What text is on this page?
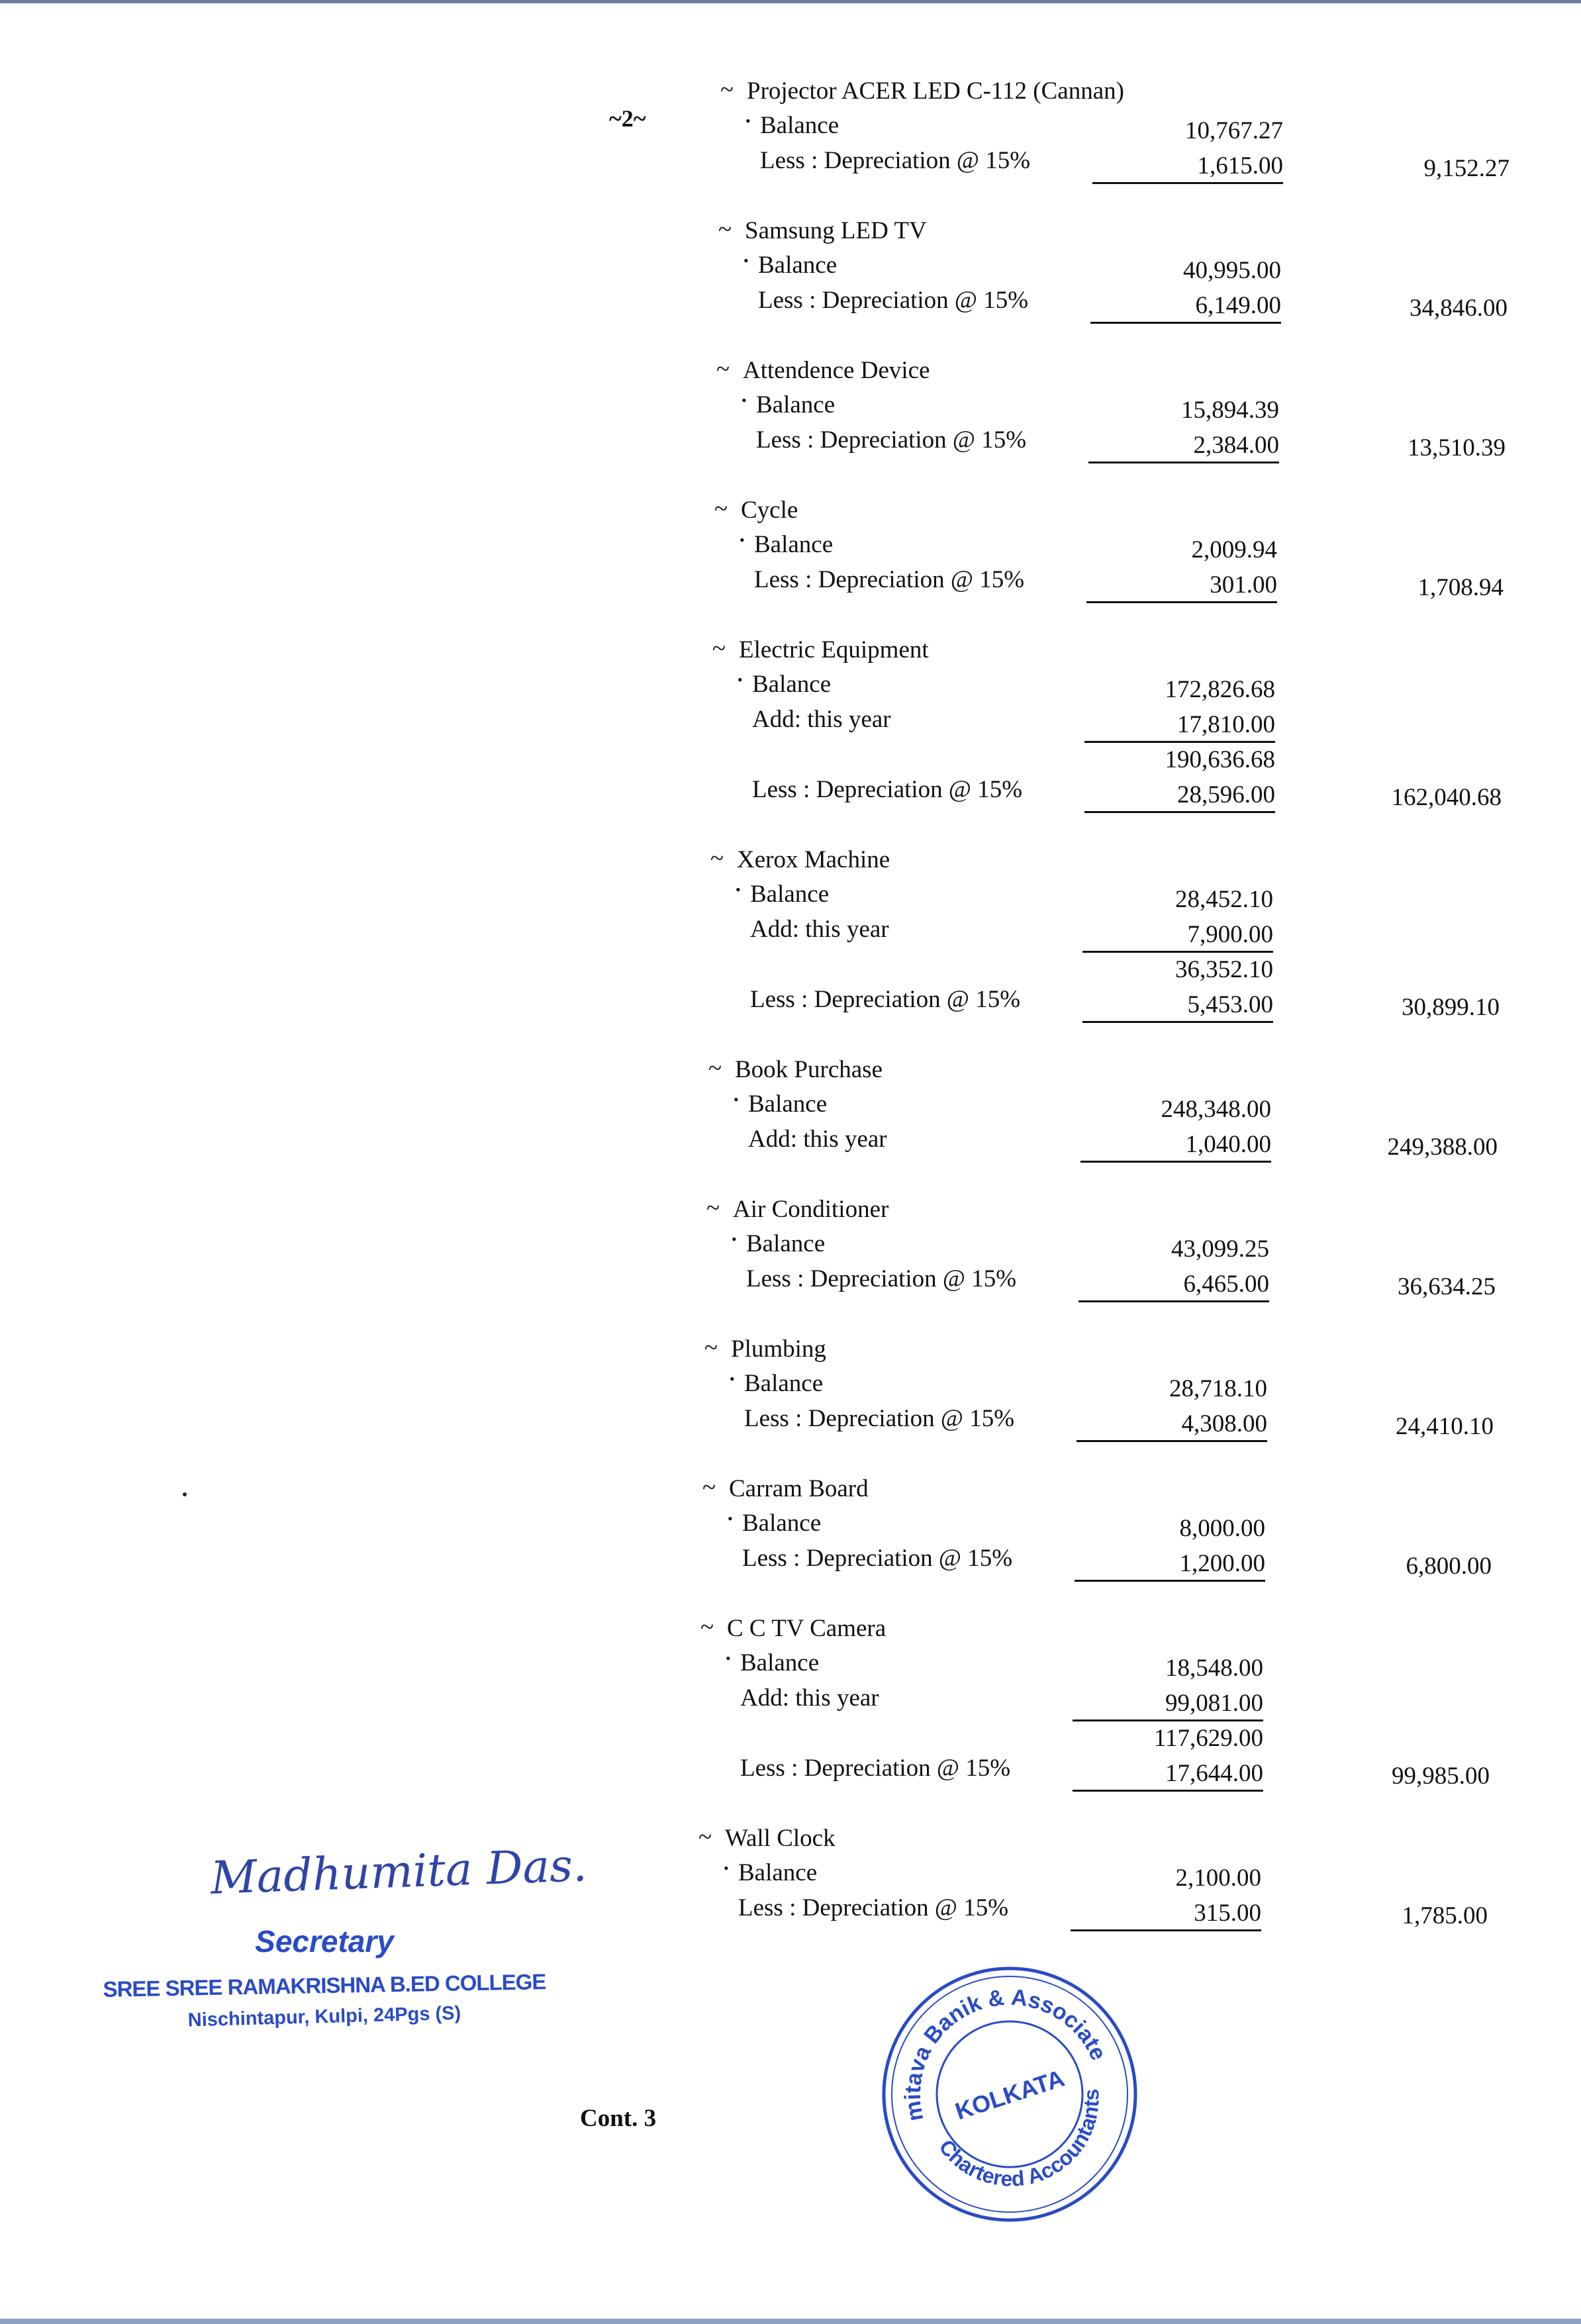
~2~
~ Projector ACER LED C-112 (Cannan)
• Balance	10,767.27
Less : Depreciation @ 15%	1,615.00	9,152.27
~ Samsung LED TV
• Balance	40,995.00
Less : Depreciation @ 15%	6,149.00	34,846.00
~ Attendence Device
• Balance	15,894.39
Less : Depreciation @ 15%	2,384.00	13,510.39
~ Cycle
• Balance	2,009.94
Less : Depreciation @ 15%	301.00	1,708.94
~ Electric Equipment
• Balance	172,826.68
Add: this year	17,810.00
190,636.68
Less : Depreciation @ 15%	28,596.00	162,040.68
~ Xerox Machine
• Balance	28,452.10
Add: this year	7,900.00
36,352.10
Less : Depreciation @ 15%	5,453.00	30,899.10
~ Book Purchase
• Balance	248,348.00
Add: this year	1,040.00	249,388.00
~ Air Conditioner
• Balance	43,099.25
Less : Depreciation @ 15%	6,465.00	36,634.25
~ Plumbing
• Balance	28,718.10
Less : Depreciation @ 15%	4,308.00	24,410.10
~ Carram Board
• Balance	8,000.00
Less : Depreciation @ 15%	1,200.00	6,800.00
~ C C TV Camera
• Balance	18,548.00
Add: this year	99,081.00
117,629.00
Less : Depreciation @ 15%	17,644.00	99,985.00
~ Wall Clock
• Balance	2,100.00
Less : Depreciation @ 15%	315.00	1,785.00
Madhumita Das.
Secretary
SREE SREE RAMAKRISHNA B.ED COLLEGE
Nischintapur, Kulpi, 24Pgs (S)
Cont. 3
Amitava Banik & Associates
Chartered Accountants
KOLKATA
